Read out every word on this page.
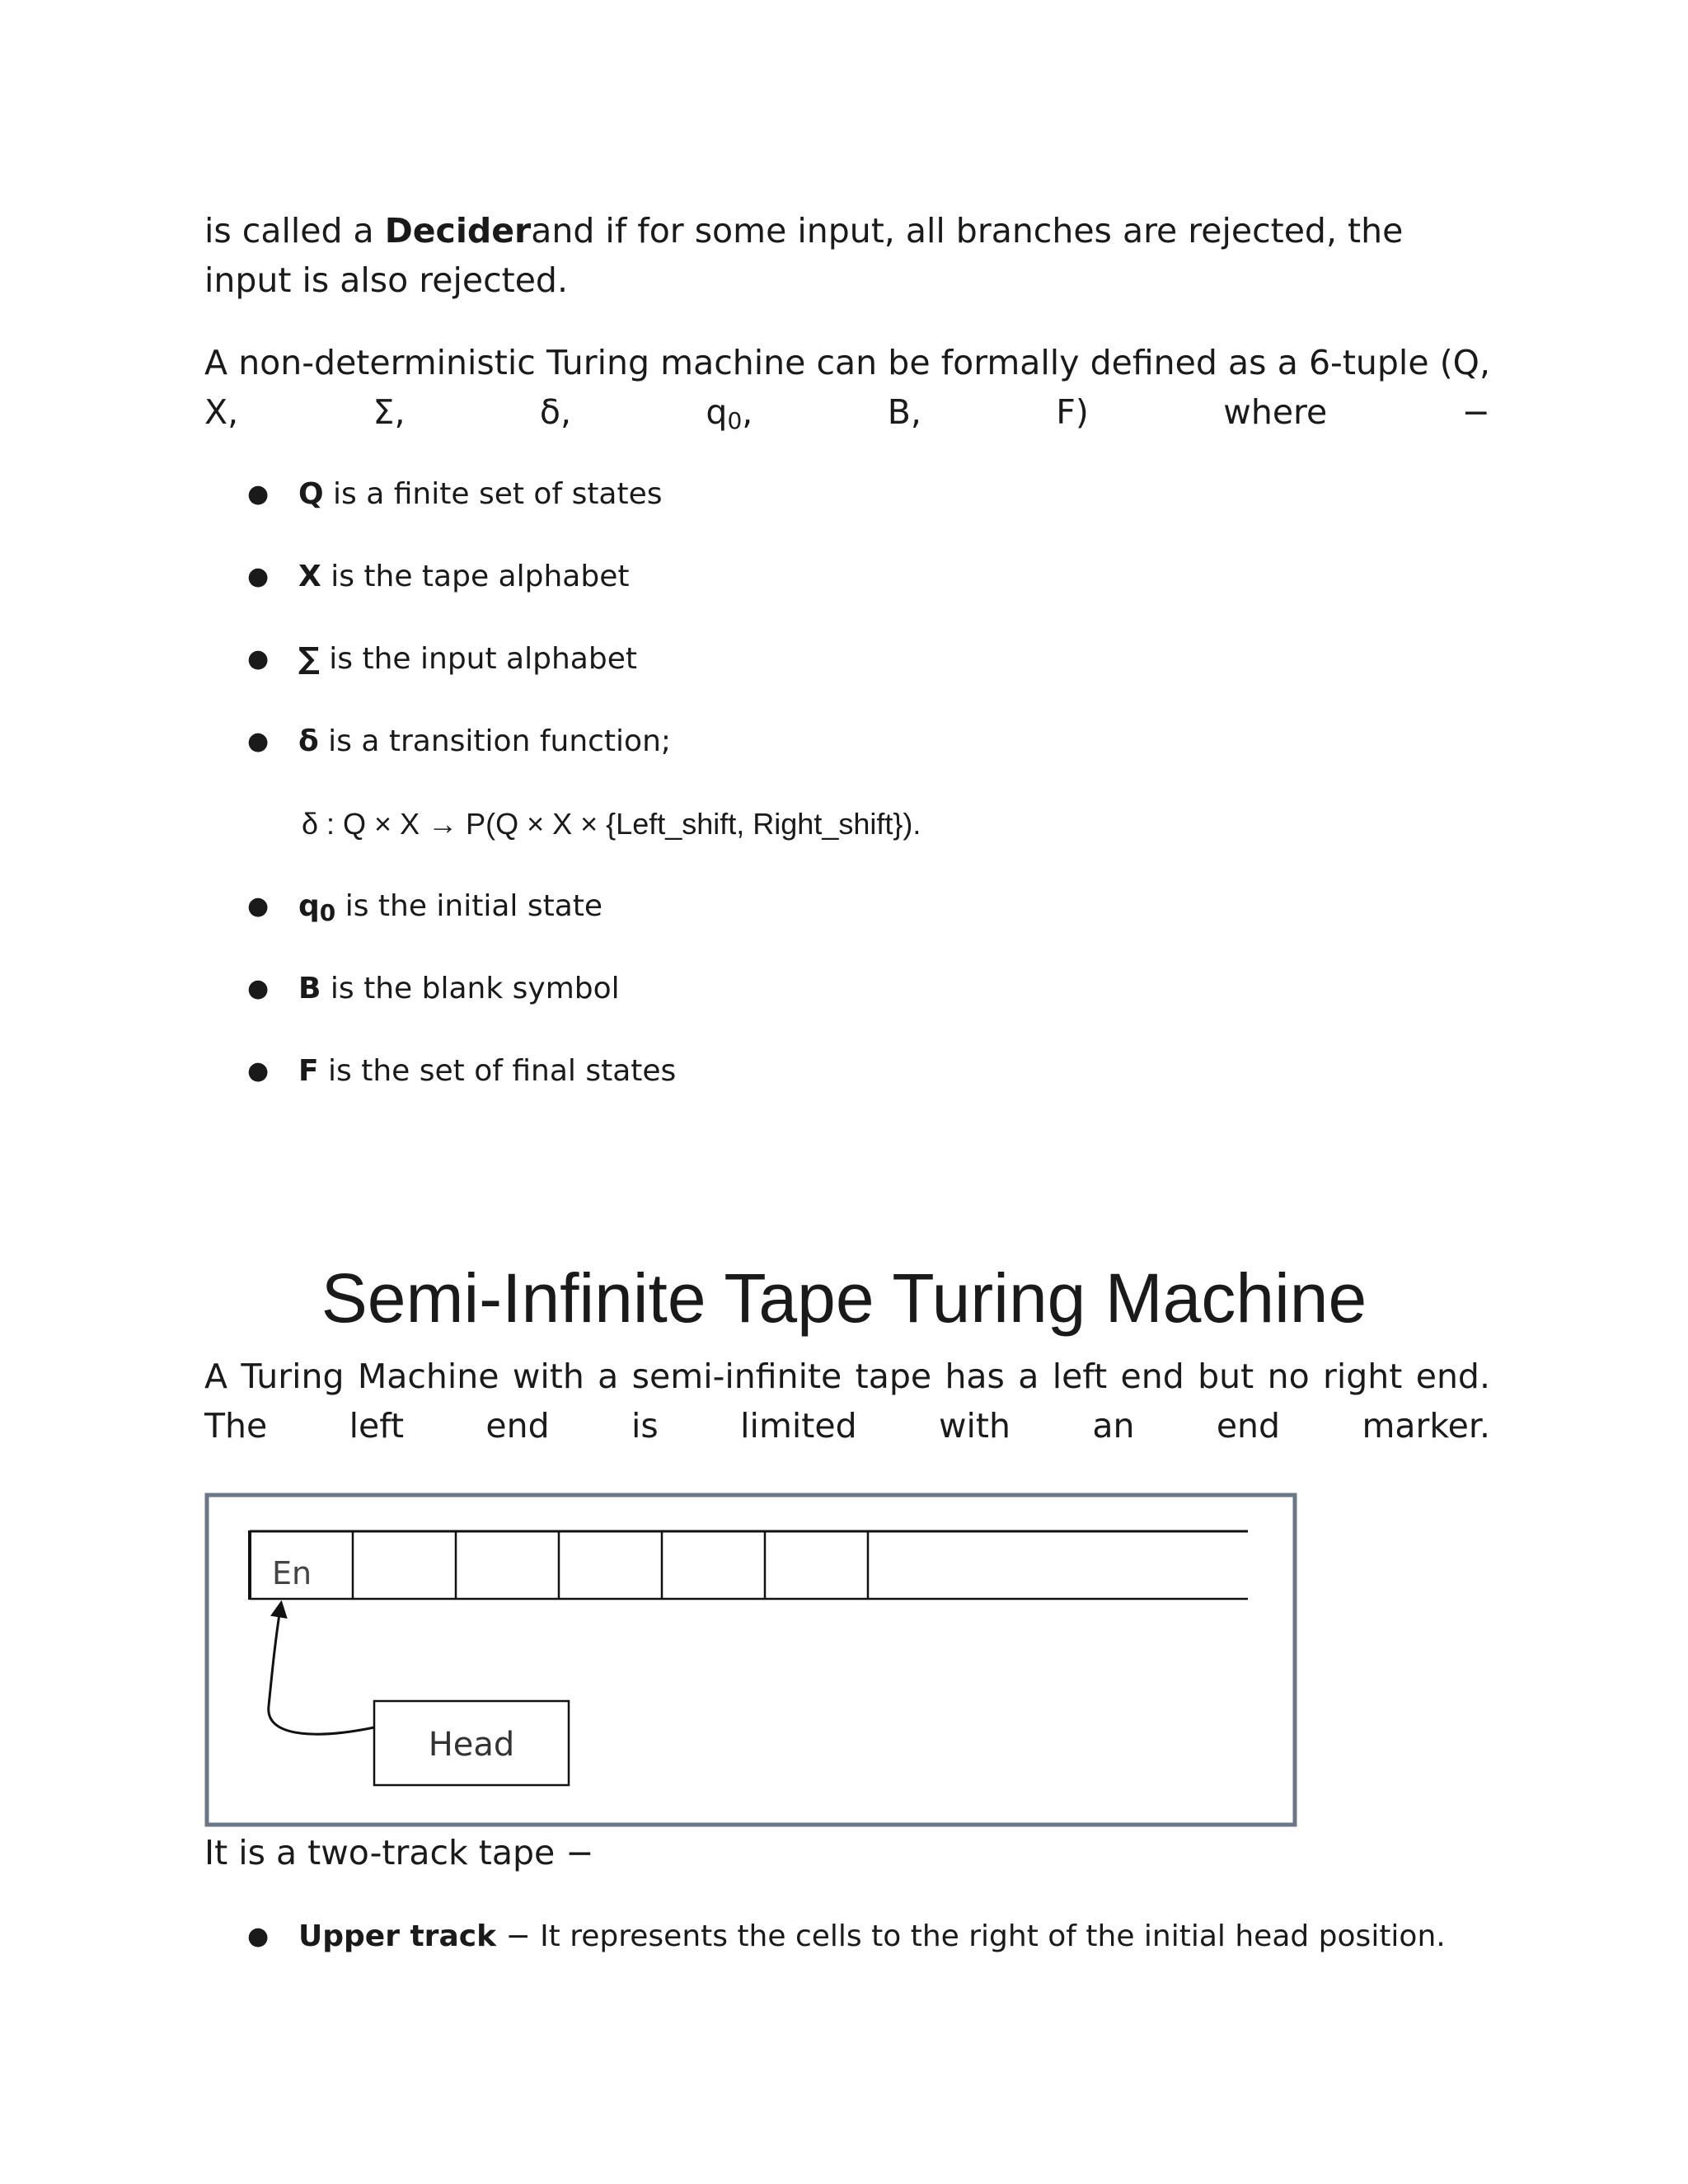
is called a Deciderand if for some input, all branches are rejected, the input is also rejected.

A non-deterministic Turing machine can be formally defined as a 6-tuple (Q, X, Σ, δ, $q_0$, B, F) where −

● Q is a finite set of states
● X is the tape alphabet
● ∑ is the input alphabet
● δ is a transition function;
δ : Q × X → P(Q × X × {Left_shift, Right_shift}).
● $q_0$ is the initial state
● B is the blank symbol
● F is the set of final states
Semi-Infinite Tape Turing Machine

A Turing Machine with a semi-infinite tape has a left end but no right end. The left end is limited with an end marker.

En
Head

It is a two-track tape −

● Upper track − It represents the cells to the right of the initial head position.
